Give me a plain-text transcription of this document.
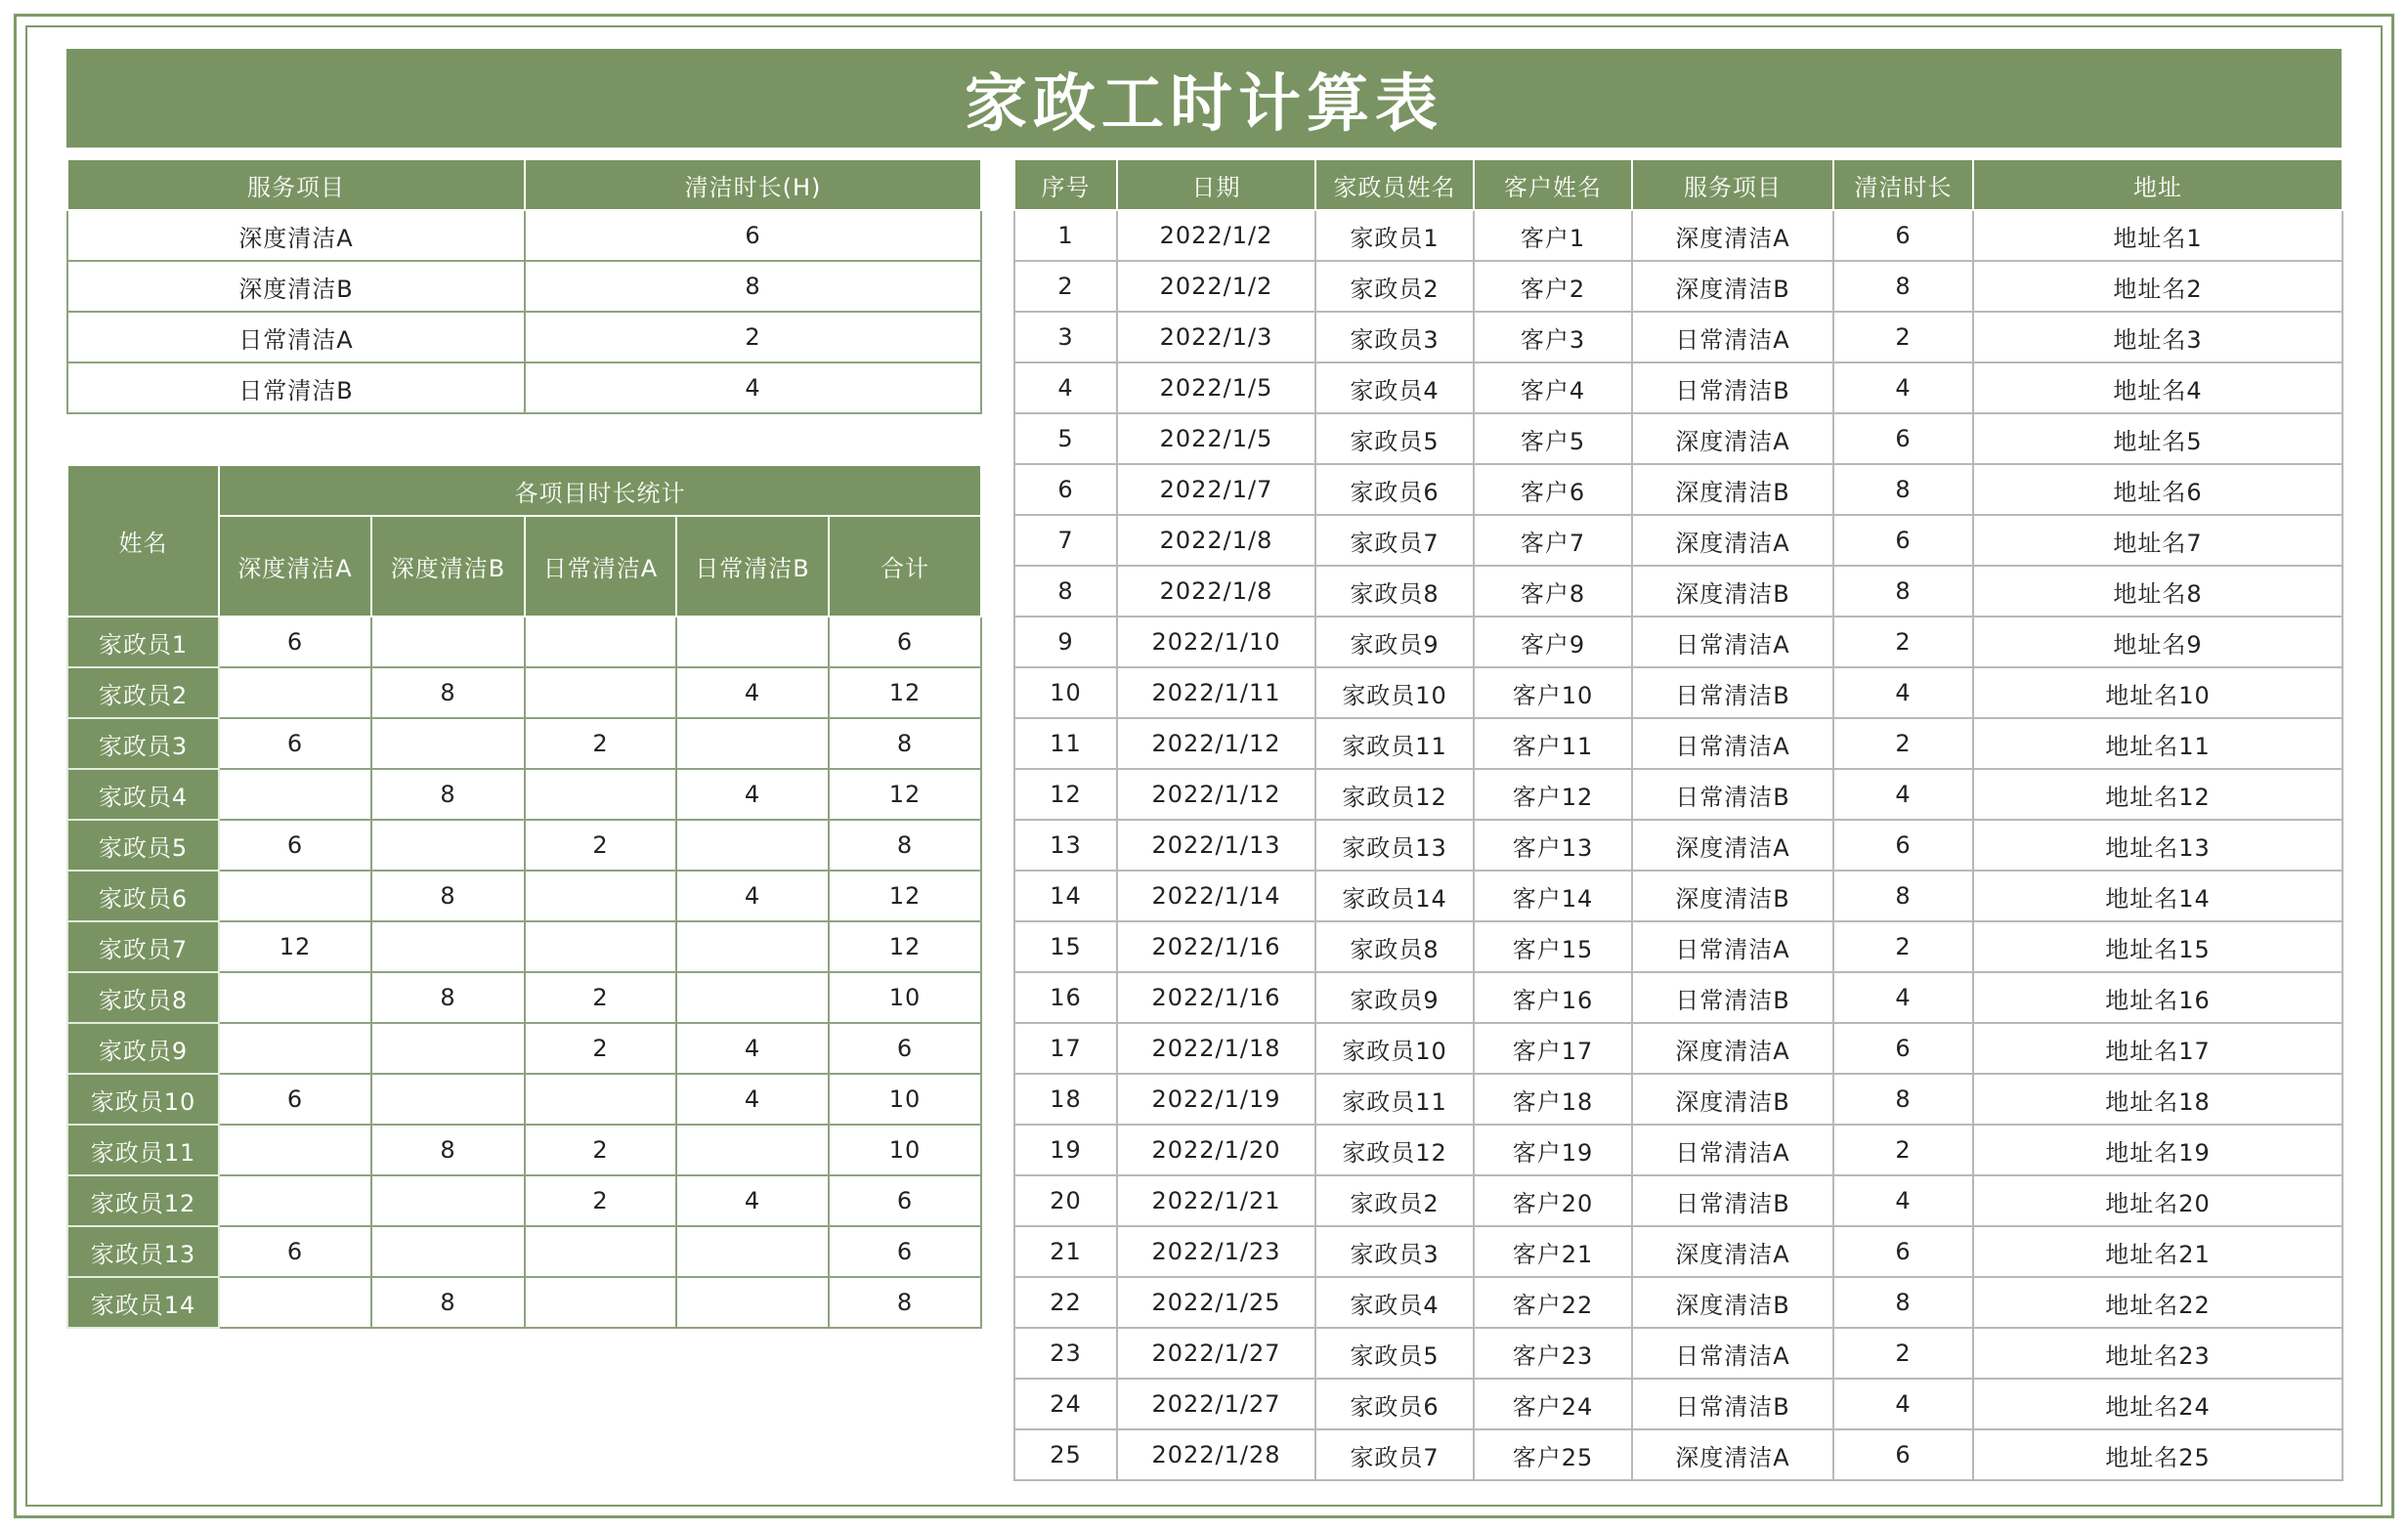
家政工时计算表
服务项目	清洁时长(H)
深度清洁A	6
深度清洁B	8
日常清洁A	2
日常清洁B	4
姓名	各项目时长统计				
	深度清洁A	深度清洁B	日常清洁A	日常清洁B	合计
家政员1	6				6
家政员2		8		4	12
家政员3	6		2		8
家政员4		8		4	12
家政员5	6		2		8
家政员6		8		4	12
家政员7	12				12
家政员8		8	2		10
家政员9			2	4	6
家政员10	6			4	10
家政员11		8	2		10
家政员12			2	4	6
家政员13	6				6
家政员14		8			8
序号	日期	家政员姓名	客户姓名	服务项目	清洁时长	地址
1	2022/1/2	家政员1	客户1	深度清洁A	6	地址名1
2	2022/1/2	家政员2	客户2	深度清洁B	8	地址名2
3	2022/1/3	家政员3	客户3	日常清洁A	2	地址名3
4	2022/1/5	家政员4	客户4	日常清洁B	4	地址名4
5	2022/1/5	家政员5	客户5	深度清洁A	6	地址名5
6	2022/1/7	家政员6	客户6	深度清洁B	8	地址名6
7	2022/1/8	家政员7	客户7	深度清洁A	6	地址名7
8	2022/1/8	家政员8	客户8	深度清洁B	8	地址名8
9	2022/1/10	家政员9	客户9	日常清洁A	2	地址名9
10	2022/1/11	家政员10	客户10	日常清洁B	4	地址名10
11	2022/1/12	家政员11	客户11	日常清洁A	2	地址名11
12	2022/1/12	家政员12	客户12	日常清洁B	4	地址名12
13	2022/1/13	家政员13	客户13	深度清洁A	6	地址名13
14	2022/1/14	家政员14	客户14	深度清洁B	8	地址名14
15	2022/1/16	家政员8	客户15	日常清洁A	2	地址名15
16	2022/1/16	家政员9	客户16	日常清洁B	4	地址名16
17	2022/1/18	家政员10	客户17	深度清洁A	6	地址名17
18	2022/1/19	家政员11	客户18	深度清洁B	8	地址名18
19	2022/1/20	家政员12	客户19	日常清洁A	2	地址名19
20	2022/1/21	家政员2	客户20	日常清洁B	4	地址名20
21	2022/1/23	家政员3	客户21	深度清洁A	6	地址名21
22	2022/1/25	家政员4	客户22	深度清洁B	8	地址名22
23	2022/1/27	家政员5	客户23	日常清洁A	2	地址名23
24	2022/1/27	家政员6	客户24	日常清洁B	4	地址名24
25	2022/1/28	家政员7	客户25	深度清洁A	6	地址名25
